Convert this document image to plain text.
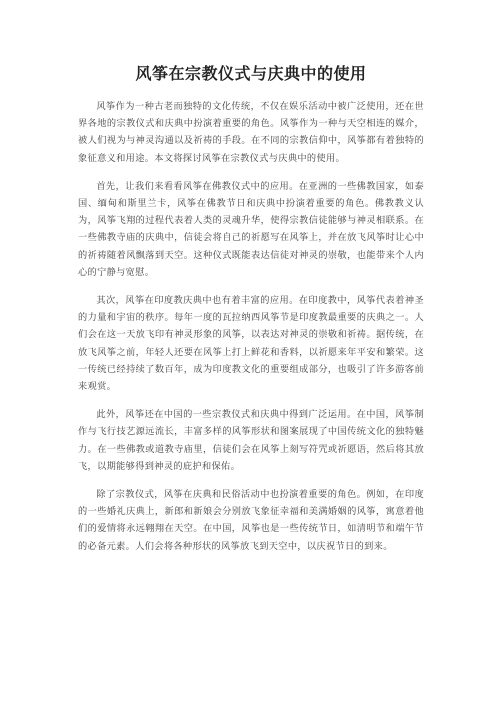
风筝在宗教仪式与庆典中的使用

风筝作为一种古老而独特的文化传统，不仅在娱乐活动中被广泛使用，还在世界各地的宗教仪式和庆典中扮演着重要的角色。风筝作为一种与天空相连的媒介，被人们视为与神灵沟通以及祈祷的手段。在不同的宗教信仰中，风筝都有着独特的象征意义和用途。本文将探讨风筝在宗教仪式与庆典中的使用。

首先，让我们来看看风筝在佛教仪式中的应用。在亚洲的一些佛教国家，如泰国、缅甸和斯里兰卡，风筝在佛教节日和庆典中扮演着重要的角色。佛教教义认为，风筝飞翔的过程代表着人类的灵魂升华，使得宗教信徒能够与神灵相联系。在一些佛教寺庙的庆典中，信徒会将自己的祈愿写在风筝上，并在放飞风筝时让心中的祈祷随着风飘落到天空。这种仪式既能表达信徒对神灵的崇敬，也能带来个人内心的宁静与宽慰。

其次，风筝在印度教庆典中也有着丰富的应用。在印度教中，风筝代表着神圣的力量和宇宙的秩序。每年一度的瓦拉纳西风筝节是印度教最重要的庆典之一。人们会在这一天放飞印有神灵形象的风筝，以表达对神灵的崇敬和祈祷。据传统，在放飞风筝之前，年轻人还要在风筝上打上鲜花和香料，以祈愿来年平安和繁荣。这一传统已经持续了数百年，成为印度教文化的重要组成部分，也吸引了许多游客前来观赏。

此外，风筝还在中国的一些宗教仪式和庆典中得到广泛运用。在中国，风筝制作与飞行技艺源远流长，丰富多样的风筝形状和图案展现了中国传统文化的独特魅力。在一些佛教或道教寺庙里，信徒们会在风筝上刻写符咒或祈愿语，然后将其放飞，以期能够得到神灵的庇护和保佑。

除了宗教仪式，风筝在庆典和民俗活动中也扮演着重要的角色。例如，在印度的一些婚礼庆典上，新郎和新娘会分别放飞象征幸福和美满婚姻的风筝，寓意着他们的爱情将永远翱翔在天空。在中国，风筝也是一些传统节日，如清明节和端午节的必备元素。人们会将各种形状的风筝放飞到天空中，以庆祝节日的到来。
